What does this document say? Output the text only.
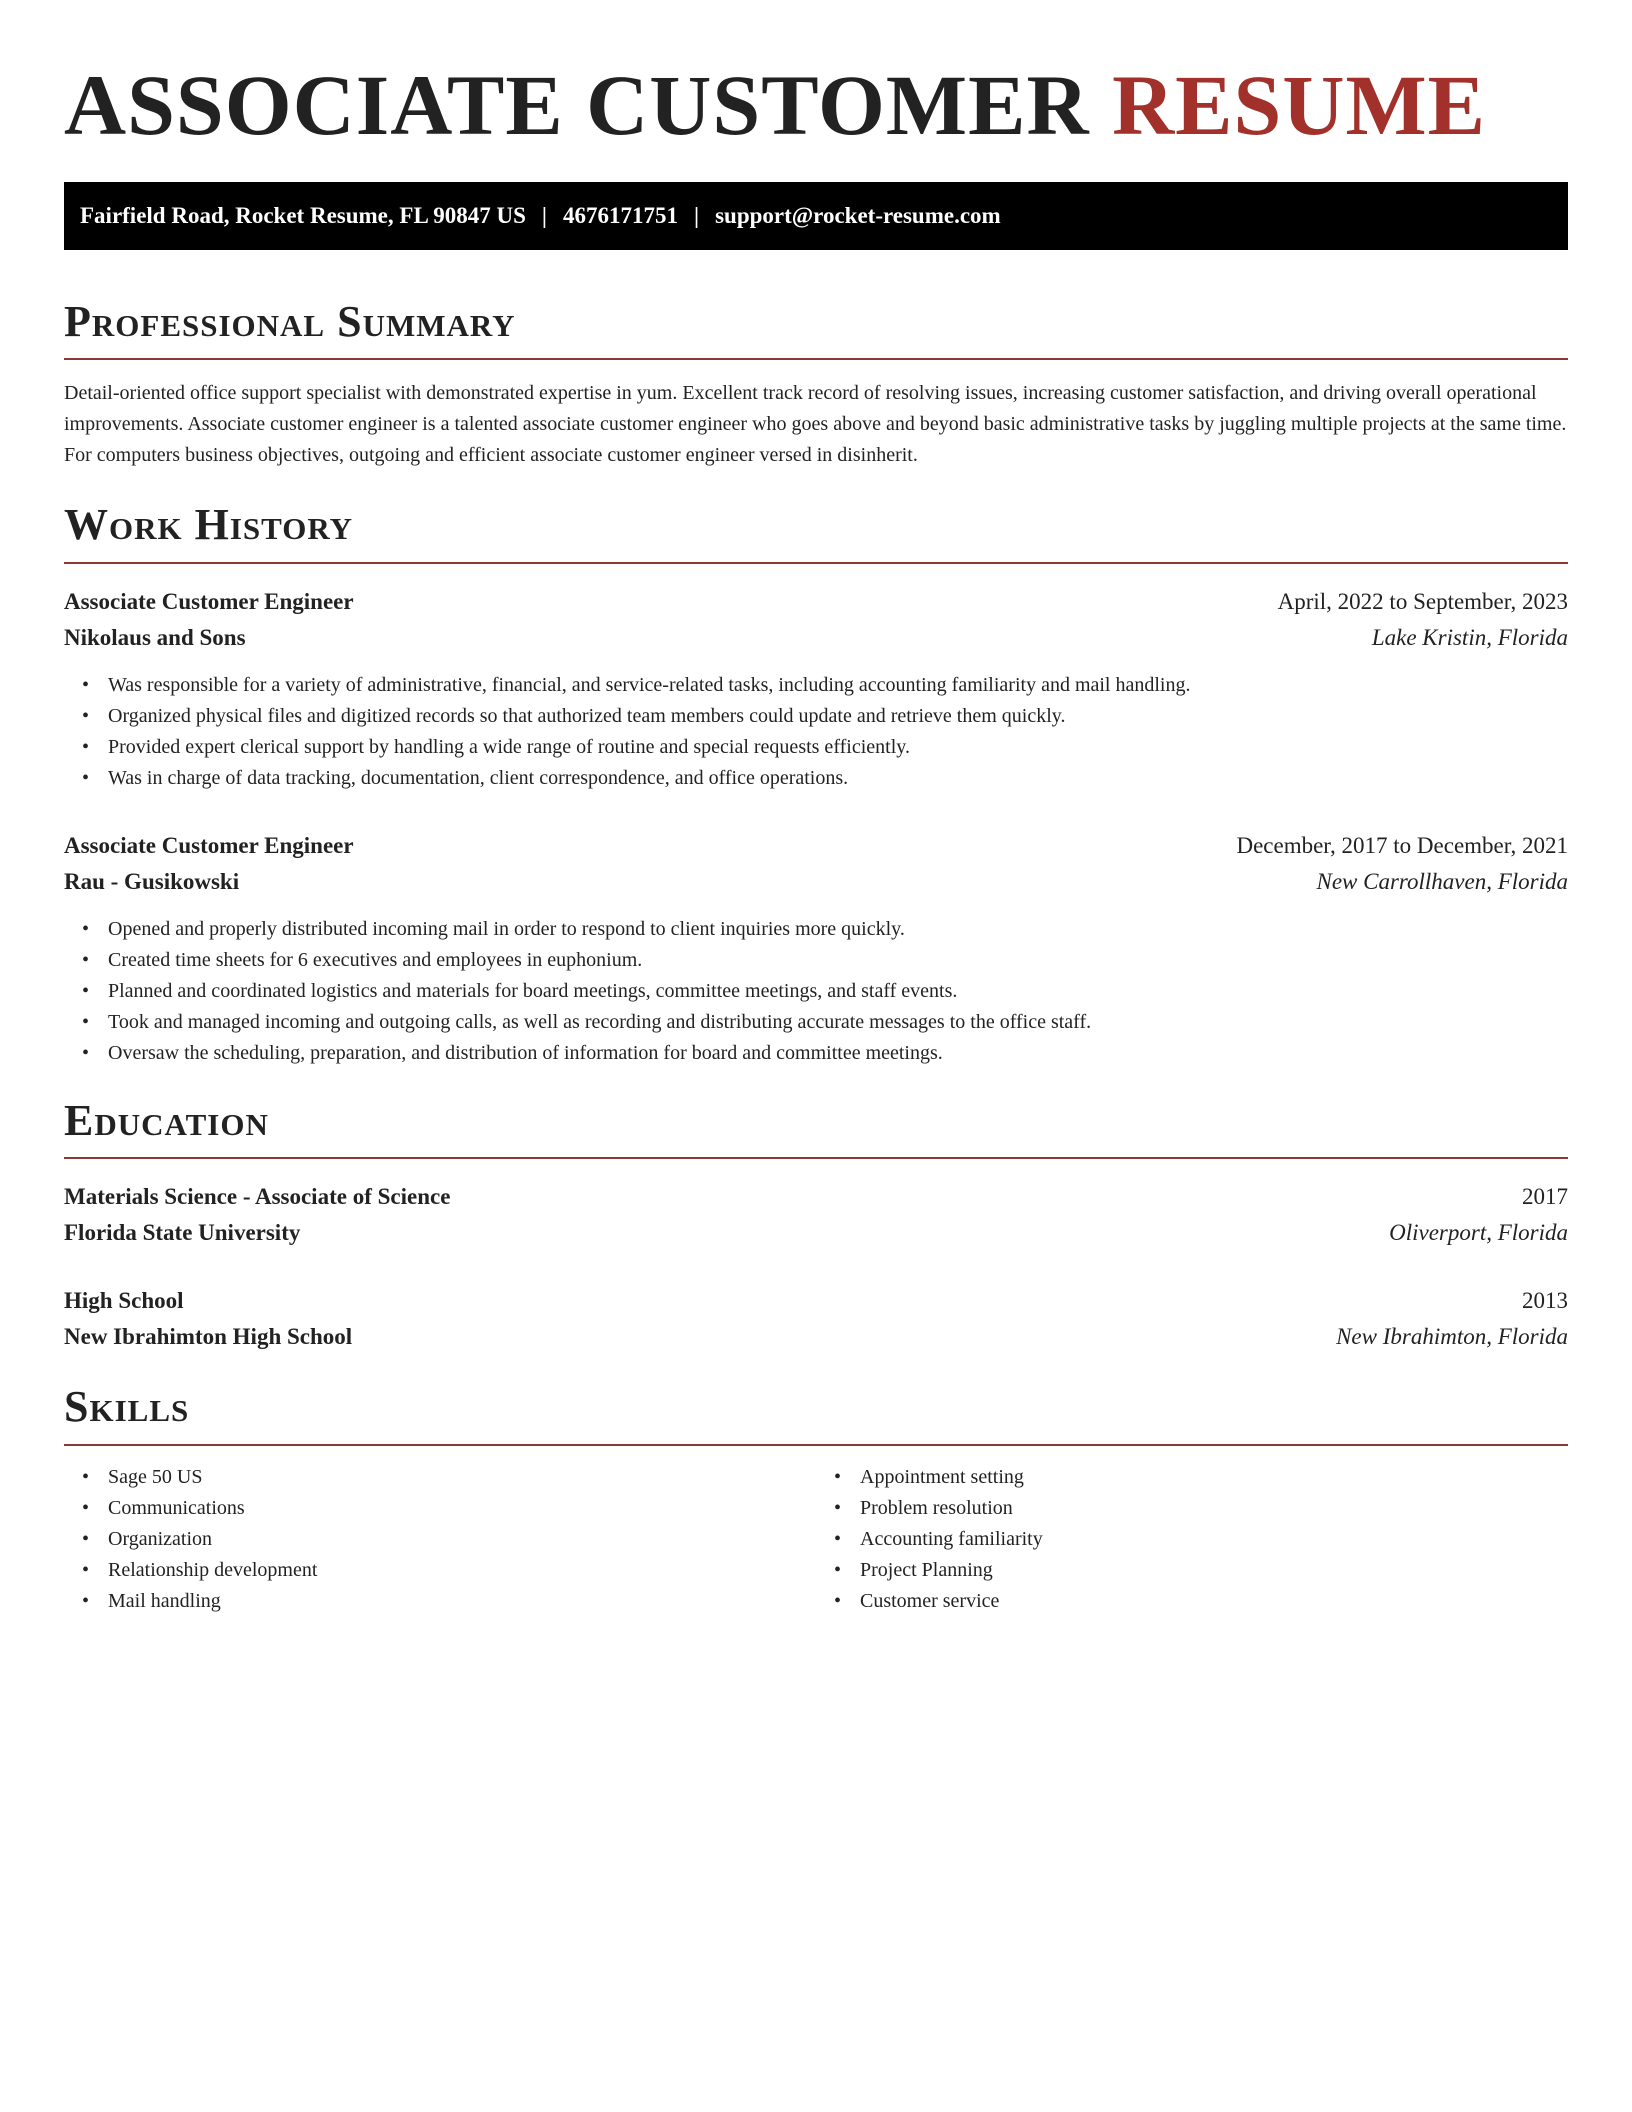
ASSOCIATE CUSTOMER RESUME
Fairfield Road, Rocket Resume, FL 90847 US | 4676171751 | support@rocket-resume.com
Professional Summary

Detail-oriented office support specialist with demonstrated expertise in yum. Excellent track record of resolving issues, increasing customer satisfaction, and driving overall operational improvements. Associate customer engineer is a talented associate customer engineer who goes above and beyond basic administrative tasks by juggling multiple projects at the same time. For computers business objectives, outgoing and efficient associate customer engineer versed in disinherit.

Work History
Associate Customer Engineer	April, 2022 to September, 2023
Nikolaus and Sons	Lake Kristin, Florida
• Was responsible for a variety of administrative, financial, and service-related tasks, including accounting familiarity and mail handling.
• Organized physical files and digitized records so that authorized team members could update and retrieve them quickly.
• Provided expert clerical support by handling a wide range of routine and special requests efficiently.
• Was in charge of data tracking, documentation, client correspondence, and office operations.
Associate Customer Engineer	December, 2017 to December, 2021
Rau - Gusikowski	New Carrollhaven, Florida
• Opened and properly distributed incoming mail in order to respond to client inquiries more quickly.
• Created time sheets for 6 executives and employees in euphonium.
• Planned and coordinated logistics and materials for board meetings, committee meetings, and staff events.
• Took and managed incoming and outgoing calls, as well as recording and distributing accurate messages to the office staff.
• Oversaw the scheduling, preparation, and distribution of information for board and committee meetings.
Education
Materials Science - Associate of Science	2017
Florida State University	Oliverport, Florida
High School	2013
New Ibrahimton High School	New Ibrahimton, Florida
Skills
• Sage 50 US
• Communications
• Organization
• Relationship development
• Mail handling
• Appointment setting
• Problem resolution
• Accounting familiarity
• Project Planning
• Customer service
